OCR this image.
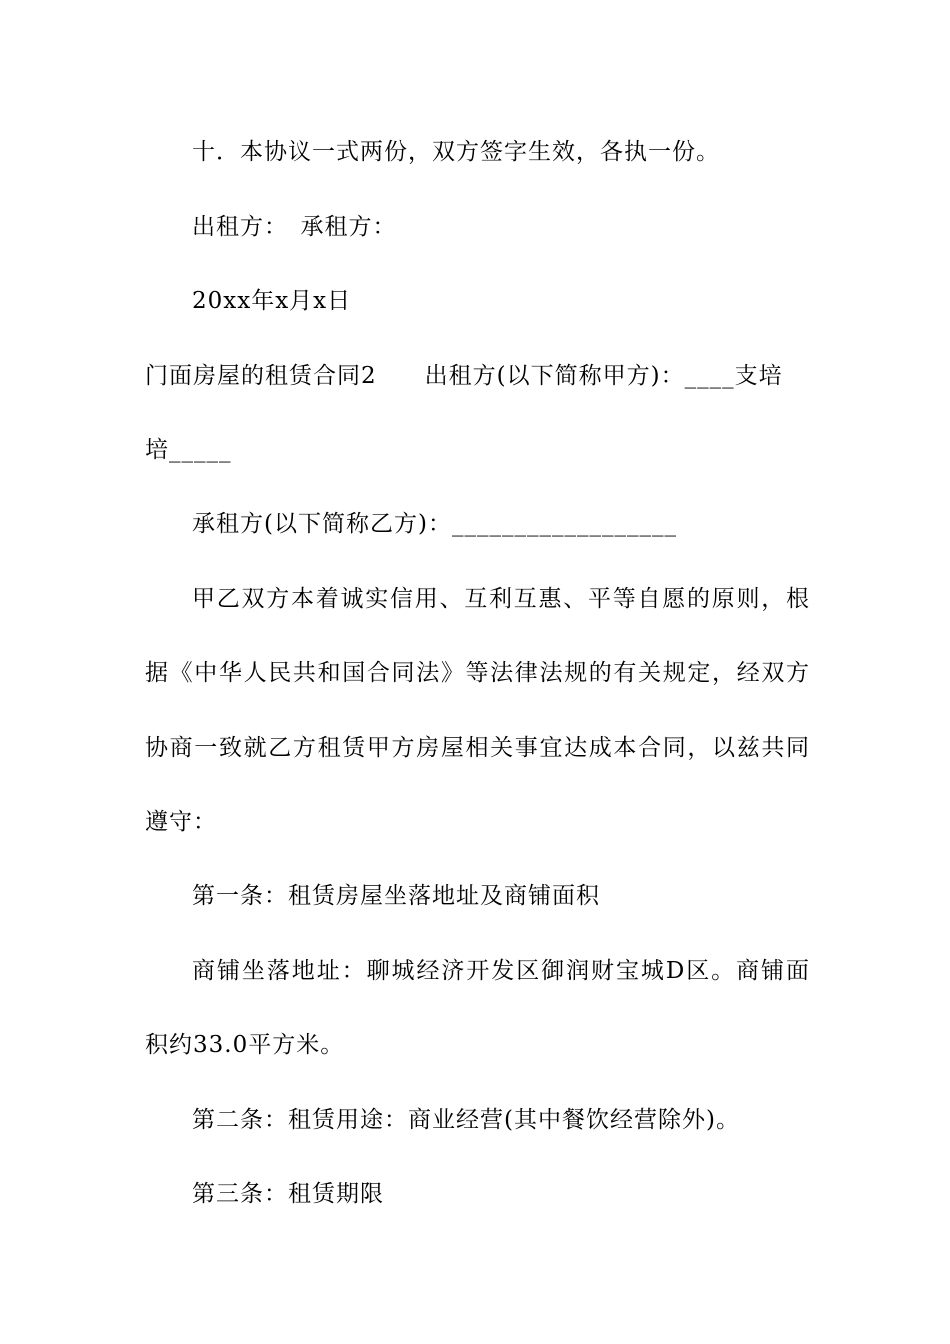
十．本协议一式两份，双方签字生效，各执一份。
出租方：　承租方：
20xx年x月x日
门面房屋的租赁合同2 出租方(以下简称甲方)：____支培
培_____
承租方(以下简称乙方)：__________________
甲乙双方本着诚实信用、互利互惠、平等自愿的原则，根
据《中华人民共和国合同法》等法律法规的有关规定，经双方
协商一致就乙方租赁甲方房屋相关事宜达成本合同，以兹共同
遵守：
第一条：租赁房屋坐落地址及商铺面积
商铺坐落地址：聊城经济开发区御润财宝城D区。商铺面
积约33.0平方米。
第二条：租赁用途：商业经营(其中餐饮经营除外)。
第三条：租赁期限
